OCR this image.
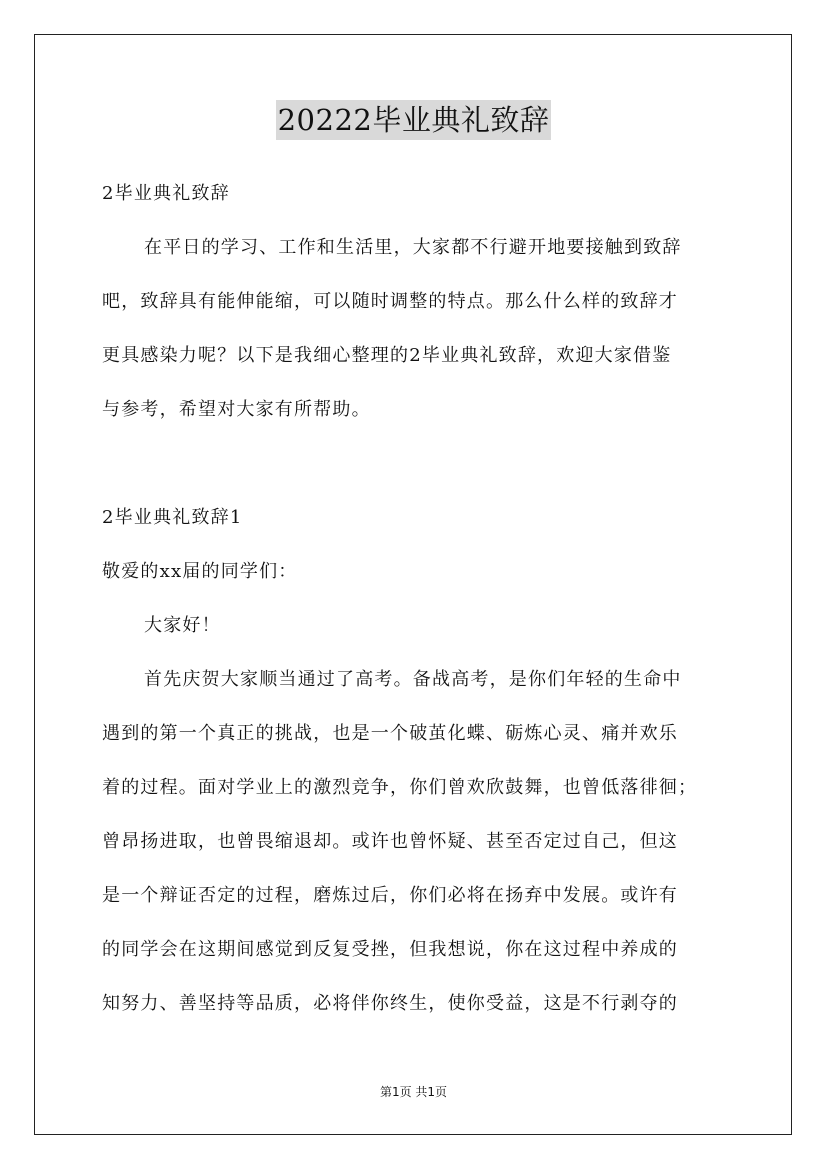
20222毕业典礼致辞
2毕业典礼致辞
在平日的学习、工作和生活里，大家都不行避开地要接触到致辞
吧，致辞具有能伸能缩，可以随时调整的特点。那么什么样的致辞才
更具感染力呢？以下是我细心整理的2毕业典礼致辞，欢迎大家借鉴
与参考，希望对大家有所帮助。
2毕业典礼致辞1
敬爱的xx届的同学们：
大家好！
首先庆贺大家顺当通过了高考。备战高考，是你们年轻的生命中
遇到的第一个真正的挑战，也是一个破茧化蝶、砺炼心灵、痛并欢乐
着的过程。面对学业上的激烈竞争，你们曾欢欣鼓舞，也曾低落徘徊；
曾昂扬进取，也曾畏缩退却。或许也曾怀疑、甚至否定过自己，但这
是一个辩证否定的过程，磨炼过后，你们必将在扬弃中发展。或许有
的同学会在这期间感觉到反复受挫，但我想说，你在这过程中养成的
知努力、善坚持等品质，必将伴你终生，使你受益，这是不行剥夺的
第1页 共1页
